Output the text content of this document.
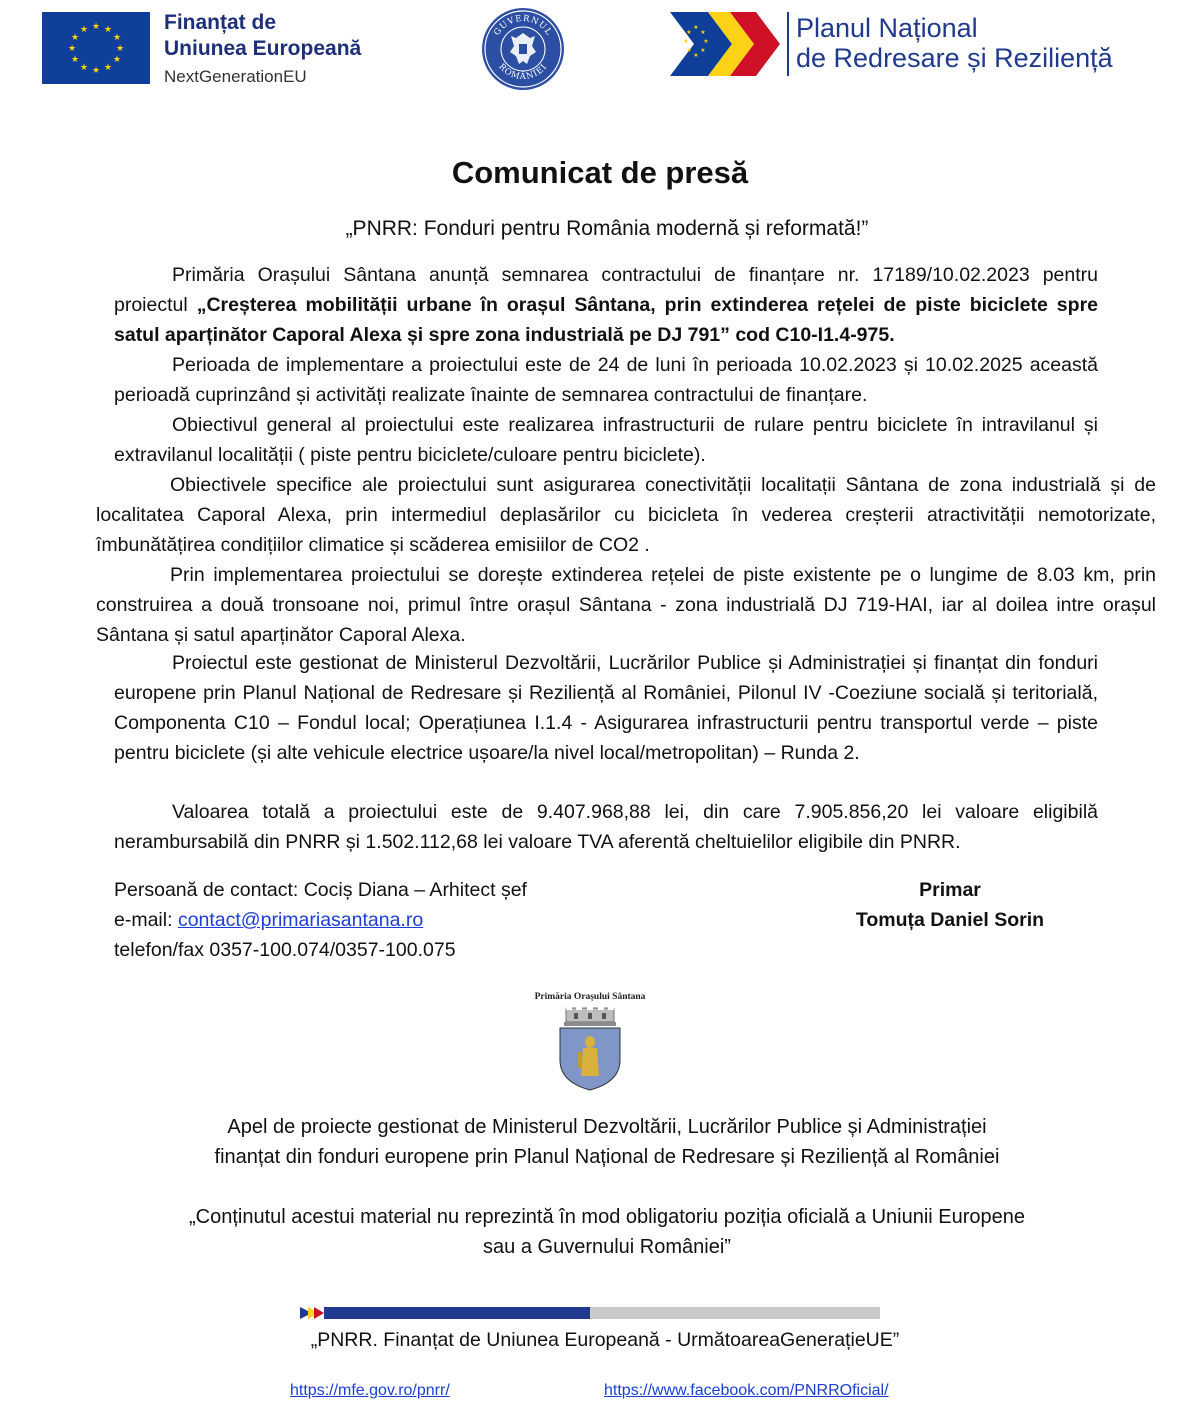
★ ★
★
★
★
★
★
★
★
★
★
★	Finanțat de
Uniunea Europeană
NextGenerationEU
GUVERNUL
ROMÂNIEI
★
★
★
★
★
★
★
★	Planul Național
de Redresare și Reziliență
Comunicat de presă
„PNRR: Fonduri pentru România modernă și reformată!”

Primăria Orașului Sântana anunță semnarea contractului de finanțare nr. 17189/10.02.2023 pentru proiectul „Creșterea mobilității urbane în orașul Sântana, prin extinderea rețelei de piste biciclete spre satul aparținător Caporal Alexa și spre zona industrială pe DJ 791” cod C10-I1.4-975.

Perioada de implementare a proiectului este de 24 de luni în perioada 10.02.2023 și 10.02.2025 această perioadă cuprinzând și activități realizate înainte de semnarea contractului de finanțare.

Obiectivul general al proiectului este realizarea infrastructurii de rulare pentru biciclete în intravilanul și extravilanul localității ( piste pentru biciclete/culoare pentru biciclete).

Obiectivele specifice ale proiectului sunt asigurarea conectivității localitații Sântana de zona industrială și de localitatea Caporal Alexa, prin intermediul deplasărilor cu bicicleta în vederea creșterii atractivității nemotorizate, îmbunătățirea condițiilor climatice și scăderea emisiilor de CO2 .

Prin implementarea proiectului se dorește extinderea rețelei de piste existente pe o lungime de 8.03 km, prin construirea a două tronsoane noi, primul între orașul Sântana - zona industrială DJ 719-HAI, iar al doilea intre orașul Sântana și satul aparținător Caporal Alexa.

Proiectul este gestionat de Ministerul Dezvoltării, Lucrărilor Publice și Administrației și finanțat din fonduri europene prin Planul Național de Redresare și Reziliență al României, Pilonul IV -Coeziune socială și teritorială, Componenta C10 – Fondul local; Operațiunea I.1.4 - Asigurarea infrastructurii pentru transportul verde – piste pentru biciclete (și alte vehicule electrice ușoare/la nivel local/metropolitan) – Runda 2.

Valoarea totală a proiectului este de 9.407.968,88 lei, din care 7.905.856,20 lei valoare eligibilă nerambursabilă din PNRR și 1.502.112,68 lei valoare TVA aferentă cheltuielilor eligibile din PNRR.

Persoană de contact: Cociș Diana – Arhitect șef
e-mail: contact@primariasantana.ro
telefon/fax 0357-100.074/0357-100.075
Primar
Tomuța Daniel Sorin
Primăria Orașului Sântana
Apel de proiecte gestionat de Ministerul Dezvoltării, Lucrărilor Publice și Administrației
finanțat din fonduri europene prin Planul Național de Redresare și Reziliență al României
„Conținutul acestui material nu reprezintă în mod obligatoriu poziția oficială a Uniunii Europene
sau a Guvernului României”
„PNRR. Finanțat de Uniunea Europeană - UrmătoareaGenerațieUE”
https://mfe.gov.ro/pnrr/	https://www.facebook.com/PNRROficial/
